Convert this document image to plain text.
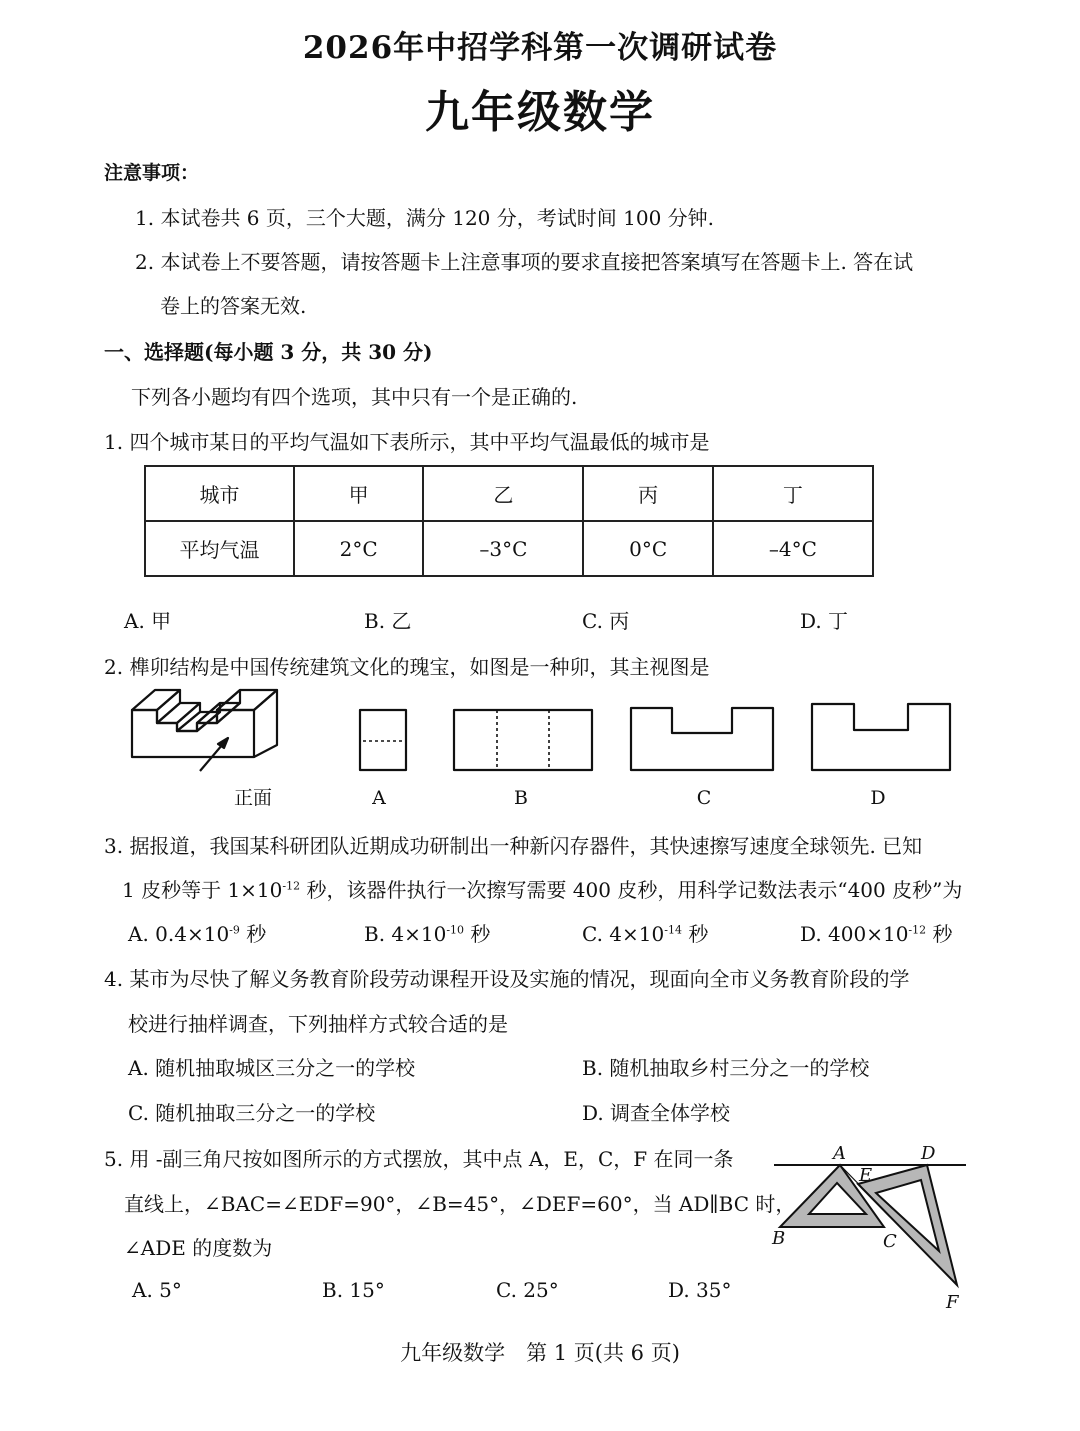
2026年中招学科第一次调研试卷
九年级数学
注意事项：
1. 本试卷共 6 页，三个大题，满分 120 分，考试时间 100 分钟.
2. 本试卷上不要答题，请按答题卡上注意事项的要求直接把答案填写在答题卡上. 答在试
卷上的答案无效.
一、选择题(每小题 3 分，共 30 分)
下列各小题均有四个选项，其中只有一个是正确的.
1. 四个城市某日的平均气温如下表所示，其中平均气温最低的城市是
城市	甲	乙	丙	丁
平均气温	2°C	–3°C	0°C	–4°C
A. 甲	B. 乙	C. 丙	D. 丁
2. 榫卯结构是中国传统建筑文化的瑰宝，如图是一种卯，其主视图是
正面	A	B	C	D
3. 据报道，我国某科研团队近期成功研制出一种新闪存器件，其快速擦写速度全球领先. 已知
1 皮秒等于 $1\times 10^{-12}$ 秒，该器件执行一次擦写需要 400 皮秒，用科学记数法表示“400 皮秒”为
A. $0.4\times 10^{-9}$ 秒	B. $4\times 10^{-10}$ 秒	C. $4\times 10^{-14}$ 秒	D. $400\times 10^{-12}$ 秒
4. 某市为尽快了解义务教育阶段劳动课程开设及实施的情况，现面向全市义务教育阶段的学
校进行抽样调查，下列抽样方式较合适的是
A. 随机抽取城区三分之一的学校	B. 随机抽取乡村三分之一的学校
C. 随机抽取三分之一的学校	D. 调查全体学校
5. 用 -副三角尺按如图所示的方式摆放，其中点 A，E，C，F 在同一条
直线上，∠BAC=∠EDF=90°，∠B=45°，∠DEF=60°，当 AD∥BC 时，
∠ADE 的度数为
A. 5°	B. 15°	C. 25°	D. 35°
A	D
E
B	C
F
九年级数学　第 1 页(共 6 页)
